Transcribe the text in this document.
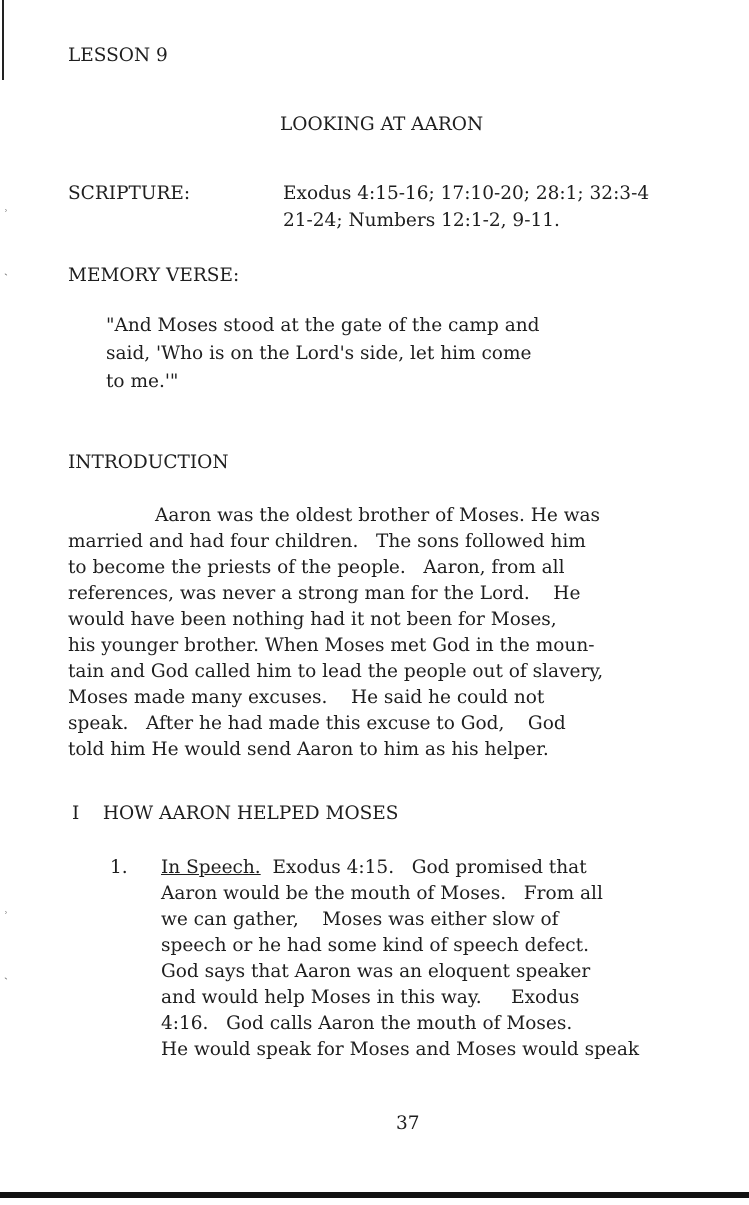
⸒
ˎ
⸒
ˎ
LESSON 9
LOOKING AT AARON
SCRIPTURE:	Exodus 4:15-16; 17:10-20; 28:1; 32:3-4
21-24; Numbers 12:1-2, 9-11.
MEMORY VERSE:
"And Moses stood at the gate of the camp and
said, 'Who is on the Lord's side, let him come
to me.'"
INTRODUCTION
Aaron was the oldest brother of Moses. He was
married and had four children.   The sons followed him
to become the priests of the people.   Aaron, from all
references, was never a strong man for the Lord.    He
would have been nothing had it not been for Moses,
his younger brother. When Moses met God in the moun-
tain and God called him to lead the people out of slavery,
Moses made many excuses.    He said he could not
speak.   After he had made this excuse to God,    God
told him He would send Aaron to him as his helper.
I    HOW AARON HELPED MOSES
1. In Speech.  Exodus 4:15.   God promised that
Aaron would be the mouth of Moses.   From all
we can gather,    Moses was either slow of
speech or he had some kind of speech defect.
God says that Aaron was an eloquent speaker
and would help Moses in this way.     Exodus
4:16.   God calls Aaron the mouth of Moses.
He would speak for Moses and Moses would speak
37
